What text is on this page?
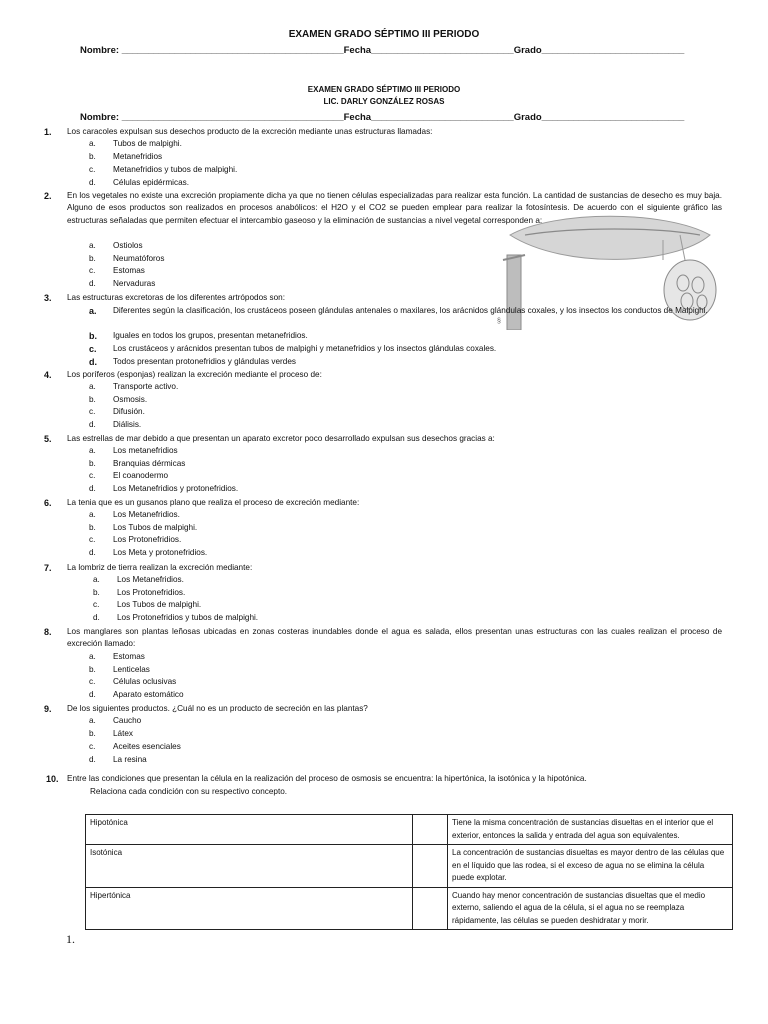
EXAMEN GRADO SÉPTIMO III PERIODO
Nombre: __________________________________________Fecha___________________________Grado___________________________
EXAMEN GRADO SÉPTIMO III PERIODO
LIC. DARLY GONZÁLEZ ROSAS
Nombre: __________________________________________Fecha___________________________Grado___________________________
1. Los caracoles expulsan sus desechos producto de la excreción mediante unas estructuras llamadas:
a. Tubos de malpighi.
b. Metanefridios
c. Metanefridios y tubos de malpighi.
d. Células epidérmicas.
2. En los vegetales no existe una excreción propiamente dicha ya que no tienen células especializadas para realizar esta función. La cantidad de sustancias de desecho es muy baja. Alguno de esos productos son realizados en procesos anabólicos: el H2O y el CO2 se pueden emplear para realizar la fotosíntesis. De acuerdo con el siguiente gráfico las estructuras señaladas que permiten efectuar el intercambio gaseoso y la eliminación de sustancias a nivel vegetal corresponden a:
a. Ostiolos
b. Neumatóforos
c. Estomas
d. Nervaduras
3. Las estructuras excretoras de los diferentes artrópodos son:
a.	Diferentes según la clasificación, los crustáceos poseen glándulas antenales o maxilares, los arácnidos glándulas coxales, y los insectos los conductos de Malpighi.
b.	Iguales en todos los grupos, presentan metanefridios.
c.	Los crustáceos y arácnidos presentan tubos de malpighi y metanefridios y los insectos glándulas coxales.
d.	Todos presentan protonefridios y glándulas verdes
§
4. Los poríferos (esponjas) realizan la excreción mediante el proceso de:
a. Transporte activo.
b. Osmosis.
c. Difusión.
d. Diálisis.
5. Las estrellas de mar debido a que presentan un aparato excretor poco desarrollado expulsan sus desechos gracias a:
a. Los metanefridios
b. Branquias dérmicas
c. El coanodermo
d. Los Metanefridios y protonefridios.
6. La tenia que es un gusanos plano que realiza el proceso de excreción mediante:
a. Los Metanefridios.
b. Los Tubos de malpighi.
c. Los Protonefridios.
d. Los Meta y protonefridios.
7. La lombriz de tierra realizan la excreción mediante:
a. Los Metanefridios.
b. Los Protonefridios.
c. Los Tubos de malpighi.
d. Los Protonefridios y tubos de malpighi.
8. Los manglares son plantas leñosas ubicadas en zonas costeras inundables donde el agua es salada, ellos presentan unas estructuras con las cuales realizan el proceso de excreción llamado:
a. Estomas
b. Lenticelas
c. Células oclusivas
d. Aparato estomático
9. De los siguientes productos. ¿Cuál no es un producto de secreción en las plantas?
a. Caucho
b. Látex
c. Aceites esenciales
d. La resina
10. Entre las condiciones que presentan la célula en la realización del proceso de osmosis se encuentra: la hipertónica, la isotónica y la hipotónica.
Relaciona cada condición con su respectivo concepto.
Hipotónica		Tiene la misma concentración de sustancias disueltas en el interior que el exterior, entonces la salida y entrada del agua son equivalentes.
Isotónica		La concentración de sustancias disueltas es mayor dentro de las células que en el líquido que las rodea, si el exceso de agua no se elimina la célula puede explotar.
Hipertónica		Cuando hay menor concentración de sustancias disueltas que el medio externo, saliendo el agua de la célula, si el agua no se reemplaza rápidamente, las células se pueden deshidratar y morir.
1.
